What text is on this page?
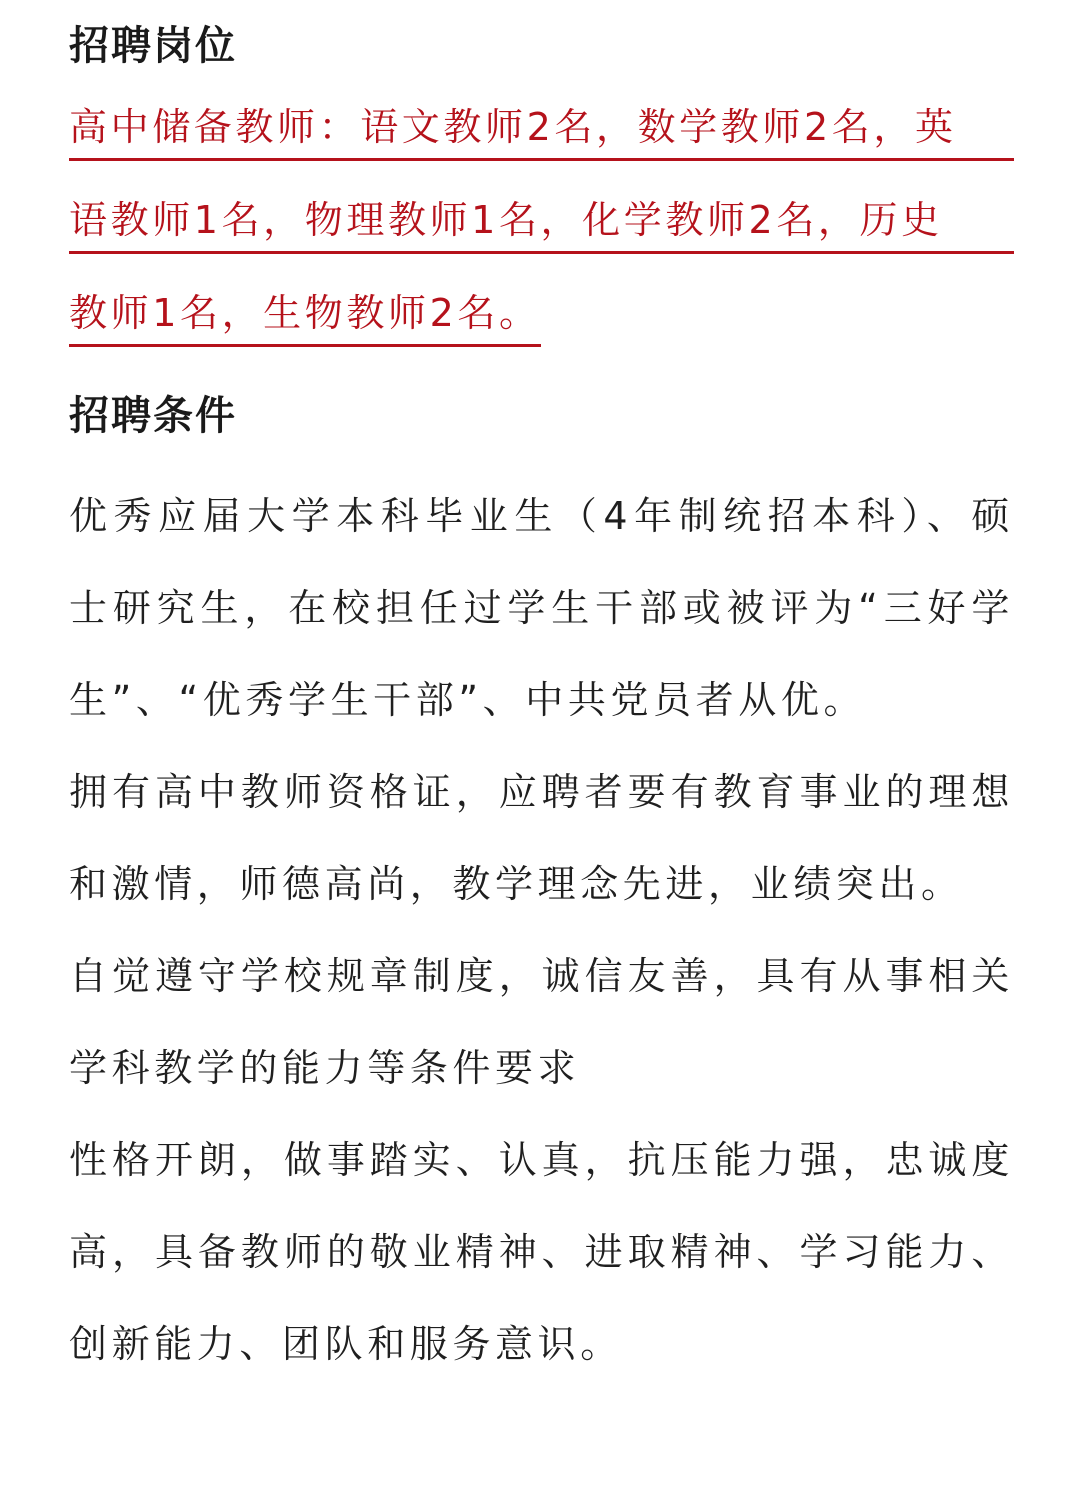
招聘岗位
高中储备教师：语文教师2名，数学教师2名，英
语教师1名，物理教师1名，化学教师2名，历史
教师1名，生物教师2名。
招聘条件

优秀应届大学本科毕业生（4年制统招本科）、硕士研究生，在校担任过学生干部或被评为“三好学生”、“优秀学生干部”、中共党员者从优。

拥有高中教师资格证，应聘者要有教育事业的理想和激情，师德高尚，教学理念先进，业绩突出。

自觉遵守学校规章制度，诚信友善，具有从事相关学科教学的能力等条件要求

性格开朗，做事踏实、认真，抗压能力强，忠诚度高，具备教师的敬业精神、进取精神、学习能力、创新能力、团队和服务意识。
